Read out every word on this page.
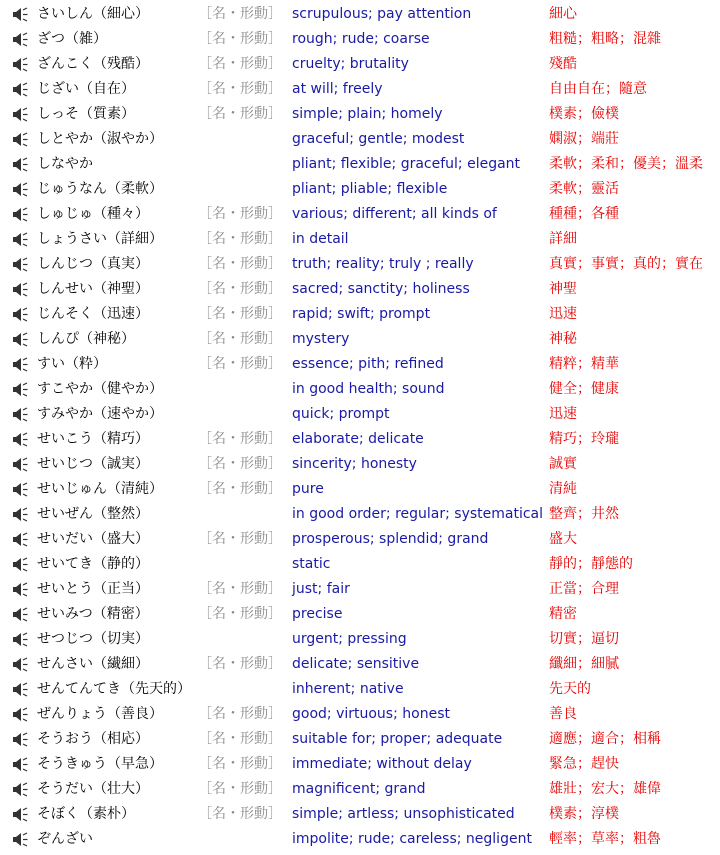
さいしん（細心）	［名・形動］ scrupulous; pay attention	細心
ざつ（雑）	［名・形動］ rough; rude; coarse	粗糙；粗略；混雜
ざんこく（残酷）	［名・形動］ cruelty; brutality	殘酷
じざい（自在）	［名・形動］ at will; freely	自由自在；隨意
しっそ（質素）	［名・形動］ simple; plain; homely	樸素；儉樸
しとやか（淑やか）	graceful; gentle; modest	嫻淑；端莊
しなやか	pliant; flexible; graceful; elegant 柔軟；柔和；優美；溫柔
じゅうなん（柔軟）	pliant; pliable; flexible	柔軟；靈活
しゅじゅ（種々）	［名・形動］ various; different; all kinds of	種種；各種
しょうさい（詳細）	［名・形動］ in detail	詳細
しんじつ（真実）	［名・形動］ truth; reality; truly ; really	真實；事實；真的；實在
しんせい（神聖）	［名・形動］ sacred; sanctity; holiness	神聖
じんそく（迅速）	［名・形動］ rapid; swift; prompt	迅速
しんぴ（神秘）	［名・形動］ mystery	神秘
すい（粋）	［名・形動］ essence; pith; refined	精粹；精華
すこやか（健やか）	in good health; sound	健全；健康
すみやか（速やか）	quick; prompt	迅速
せいこう（精巧）	［名・形動］ elaborate; delicate	精巧；玲瓏
せいじつ（誠実）	［名・形動］ sincerity; honesty	誠實
せいじゅん（清純）	［名・形動］ pure	清純
せいぜん（整然）	in good order; regular; systematical 整齊；井然
せいだい（盛大）	［名・形動］ prosperous; splendid; grand	盛大
せいてき（静的）	static	靜的；靜態的
せいとう（正当）	［名・形動］ just; fair	正當；合理
せいみつ（精密）	［名・形動］ precise	精密
せつじつ（切実）	urgent; pressing	切實；逼切
せんさい（繊細）	［名・形動］ delicate; sensitive	纖細；細膩
せんてんてき（先天的）	inherent; native	先天的
ぜんりょう（善良）	［名・形動］ good; virtuous; honest	善良
そうおう（相応）	［名・形動］ suitable for; proper; adequate	適應；適合；相稱
そうきゅう（早急）	［名・形動］ immediate; without delay	緊急；趕快
そうだい（壮大）	［名・形動］ magnificent; grand	雄壯；宏大；雄偉
そぼく（素朴）	［名・形動］ simple; artless; unsophisticated 樸素；淳樸
ぞんざい	impolite; rude; careless; negligent 輕率；草率；粗魯
